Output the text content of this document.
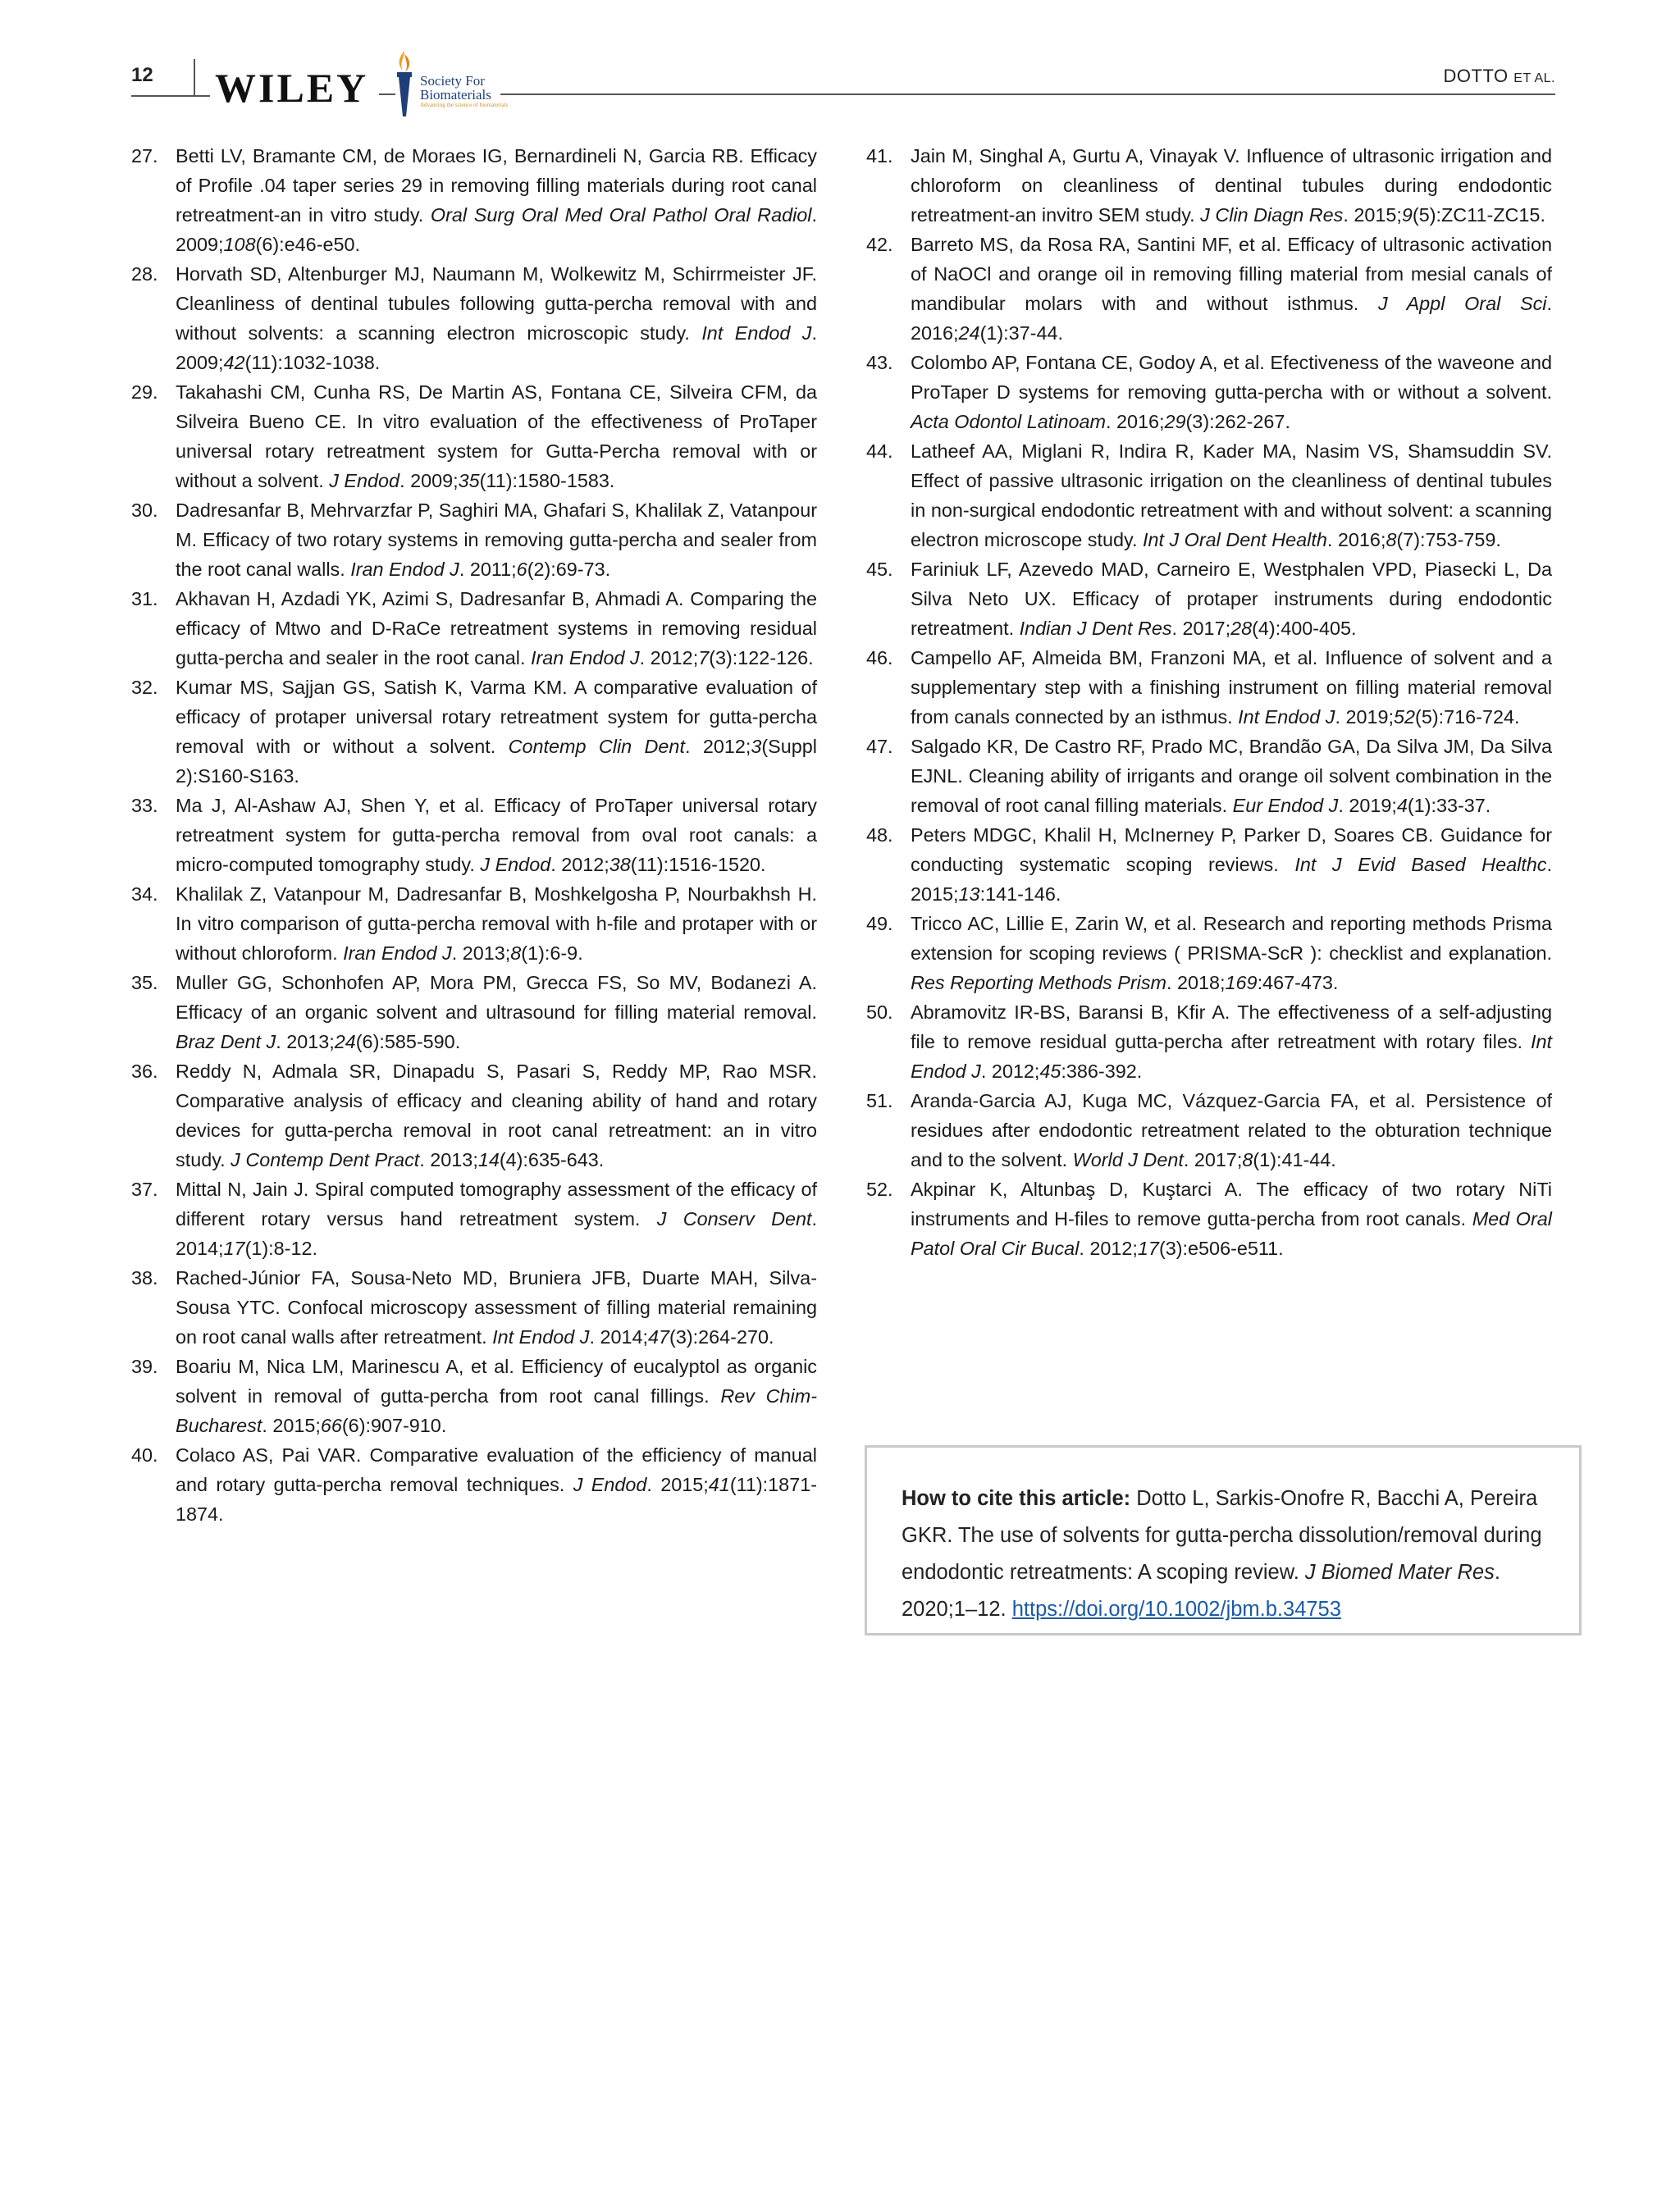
12 WILEY	Society For
Biomaterials
Advancing the science of biomaterials
DOTTO ET AL.
27. Betti LV, Bramante CM, de Moraes IG, Bernardineli N, Garcia RB. Efficacy of Profile .04 taper series 29 in removing filling materials during root canal retreatment-an in vitro study. Oral Surg Oral Med Oral Pathol Oral Radiol. 2009;108(6):e46-e50.
28. Horvath SD, Altenburger MJ, Naumann M, Wolkewitz M, Schirrmeister JF. Cleanliness of dentinal tubules following gutta-percha removal with and without solvents: a scanning electron microscopic study. Int Endod J. 2009;42(11):1032-1038.
29. Takahashi CM, Cunha RS, De Martin AS, Fontana CE, Silveira CFM, da Silveira Bueno CE. In vitro evaluation of the effectiveness of ProTaper universal rotary retreatment system for Gutta-Percha removal with or without a solvent. J Endod. 2009;35(11):1580-1583.
30. Dadresanfar B, Mehrvarzfar P, Saghiri MA, Ghafari S, Khalilak Z, Vatanpour M. Efficacy of two rotary systems in removing gutta-percha and sealer from the root canal walls. Iran Endod J. 2011;6(2):69-73.
31. Akhavan H, Azdadi YK, Azimi S, Dadresanfar B, Ahmadi A. Comparing the efficacy of Mtwo and D-RaCe retreatment systems in removing residual gutta-percha and sealer in the root canal. Iran Endod J. 2012;7(3):122-126.
32. Kumar MS, Sajjan GS, Satish K, Varma KM. A comparative evaluation of efficacy of protaper universal rotary retreatment system for gutta-percha removal with or without a solvent. Contemp Clin Dent. 2012;3(Suppl 2):S160-S163.
33. Ma J, Al-Ashaw AJ, Shen Y, et al. Efficacy of ProTaper universal rotary retreatment system for gutta-percha removal from oval root canals: a micro-computed tomography study. J Endod. 2012;38(11):1516-1520.
34. Khalilak Z, Vatanpour M, Dadresanfar B, Moshkelgosha P, Nourbakhsh H. In vitro comparison of gutta-percha removal with h-file and protaper with or without chloroform. Iran Endod J. 2013;8(1):6-9.
35. Muller GG, Schonhofen AP, Mora PM, Grecca FS, So MV, Bodanezi A. Efficacy of an organic solvent and ultrasound for filling material removal. Braz Dent J. 2013;24(6):585-590.
36. Reddy N, Admala SR, Dinapadu S, Pasari S, Reddy MP, Rao MSR. Comparative analysis of efficacy and cleaning ability of hand and rotary devices for gutta-percha removal in root canal retreatment: an in vitro study. J Contemp Dent Pract. 2013;14(4):635-643.
37. Mittal N, Jain J. Spiral computed tomography assessment of the efficacy of different rotary versus hand retreatment system. J Conserv Dent. 2014;17(1):8-12.
38. Rached-Júnior FA, Sousa-Neto MD, Bruniera JFB, Duarte MAH, Silva-Sousa YTC. Confocal microscopy assessment of filling material remaining on root canal walls after retreatment. Int Endod J. 2014;47(3):264-270.
39. Boariu M, Nica LM, Marinescu A, et al. Efficiency of eucalyptol as organic solvent in removal of gutta-percha from root canal fillings. Rev Chim-Bucharest. 2015;66(6):907-910.
40. Colaco AS, Pai VAR. Comparative evaluation of the efficiency of manual and rotary gutta-percha removal techniques. J Endod. 2015;41(11):1871-1874.
41. Jain M, Singhal A, Gurtu A, Vinayak V. Influence of ultrasonic irrigation and chloroform on cleanliness of dentinal tubules during endodontic retreatment-an invitro SEM study. J Clin Diagn Res. 2015;9(5):ZC11-ZC15.
42. Barreto MS, da Rosa RA, Santini MF, et al. Efficacy of ultrasonic activation of NaOCl and orange oil in removing filling material from mesial canals of mandibular molars with and without isthmus. J Appl Oral Sci. 2016;24(1):37-44.
43. Colombo AP, Fontana CE, Godoy A, et al. Efectiveness of the waveone and ProTaper D systems for removing gutta-percha with or without a solvent. Acta Odontol Latinoam. 2016;29(3):262-267.
44. Latheef AA, Miglani R, Indira R, Kader MA, Nasim VS, Shamsuddin SV. Effect of passive ultrasonic irrigation on the cleanliness of dentinal tubules in non-surgical endodontic retreatment with and without solvent: a scanning electron microscope study. Int J Oral Dent Health. 2016;8(7):753-759.
45. Fariniuk LF, Azevedo MAD, Carneiro E, Westphalen VPD, Piasecki L, Da Silva Neto UX. Efficacy of protaper instruments during endodontic retreatment. Indian J Dent Res. 2017;28(4):400-405.
46. Campello AF, Almeida BM, Franzoni MA, et al. Influence of solvent and a supplementary step with a finishing instrument on filling material removal from canals connected by an isthmus. Int Endod J. 2019;52(5):716-724.
47. Salgado KR, De Castro RF, Prado MC, Brandão GA, Da Silva JM, Da Silva EJNL. Cleaning ability of irrigants and orange oil solvent combination in the removal of root canal filling materials. Eur Endod J. 2019;4(1):33-37.
48. Peters MDGC, Khalil H, McInerney P, Parker D, Soares CB. Guidance for conducting systematic scoping reviews. Int J Evid Based Healthc. 2015;13:141-146.
49. Tricco AC, Lillie E, Zarin W, et al. Research and reporting methods Prisma extension for scoping reviews ( PRISMA-ScR ): checklist and explanation. Res Reporting Methods Prism. 2018;169:467-473.
50. Abramovitz IR-BS, Baransi B, Kfir A. The effectiveness of a self-adjusting file to remove residual gutta-percha after retreatment with rotary files. Int Endod J. 2012;45:386-392.
51. Aranda-Garcia AJ, Kuga MC, Vázquez-Garcia FA, et al. Persistence of residues after endodontic retreatment related to the obturation technique and to the solvent. World J Dent. 2017;8(1):41-44.
52. Akpinar K, Altunbaş D, Kuştarci A. The efficacy of two rotary NiTi instruments and H-files to remove gutta-percha from root canals. Med Oral Patol Oral Cir Bucal. 2012;17(3):e506-e511.
How to cite this article: Dotto L, Sarkis-Onofre R, Bacchi A, Pereira GKR. The use of solvents for gutta-percha dissolution/removal during endodontic retreatments: A scoping review. J Biomed Mater Res. 2020;1–12. https://doi.org/10.1002/jbm.b.34753
